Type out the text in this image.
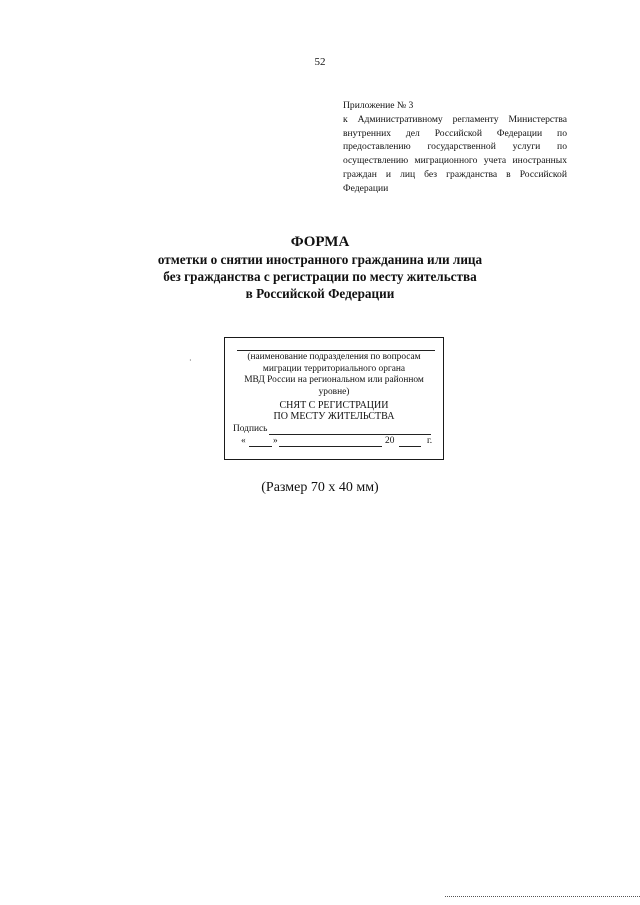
52
Приложение № 3
к Административному регламенту Министерства внутренних дел Российской Федерации по предоставлению государственной услуги по осуществлению миграционного учета иностранных граждан и лиц без гражданства в Российской Федерации
ФОРМА
отметки о снятии иностранного гражданина или лица
без гражданства с регистрации по месту жительства
в Российской Федерации
·	(наименование подразделения по вопросам
миграции территориального органа
МВД России на региональном или районном
уровне)
СНЯТ С РЕГИСТРАЦИИ
ПО МЕСТУ ЖИТЕЛЬСТВА
Подпись
«	»	20	г.
(Размер 70 х 40 мм)
